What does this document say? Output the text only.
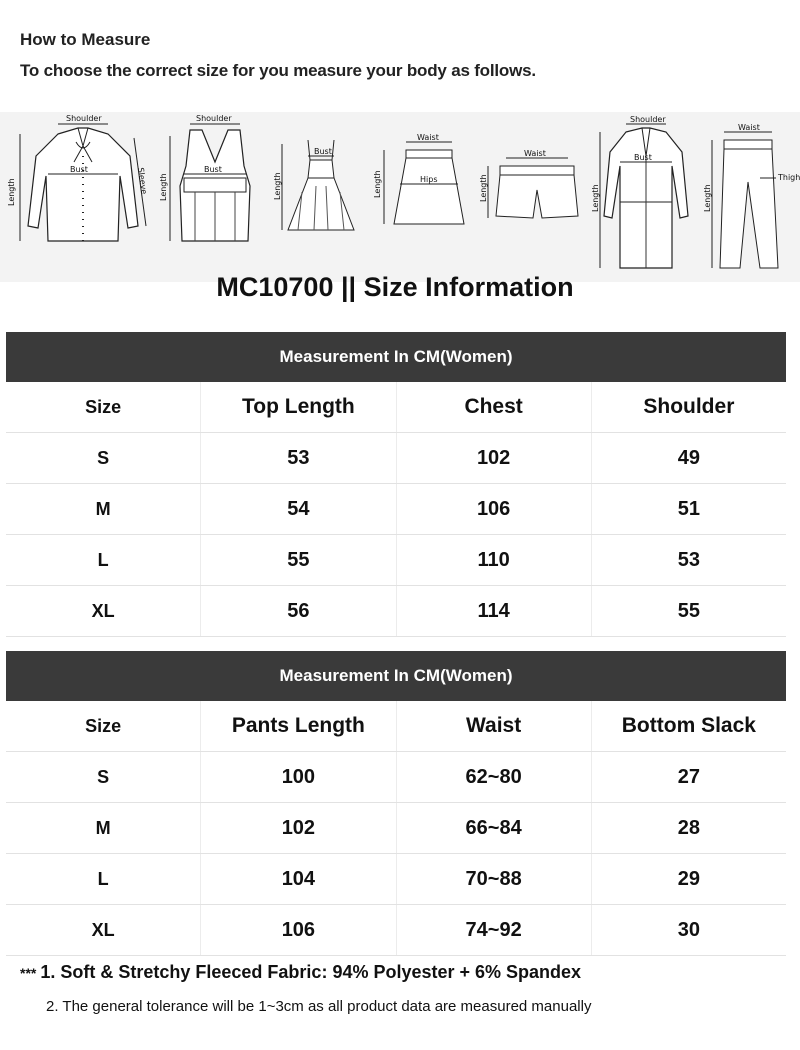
How to Measure
To choose the correct size for you measure your body as follows.
Shoulder
Bust
Length	Sleeve
Shoulder
Bust
Length
Bust
Length
Waist
Hips
Length
Waist
Length
Shoulder
Bust
Length
Waist
Thigh
Length
MC10700 || Size Information
Measurement In CM(Women)
Size	Top Length	Chest	Shoulder
S	53	102	49
M	54	106	51
L	55	110	53
XL	56	114	55
Measurement In CM(Women)
Size	Pants Length	Waist	Bottom Slack
S	100	62~80	27
M	102	66~84	28
L	104	70~88	29
XL	106	74~92	30
*** 1. Soft & Stretchy Fleeced Fabric: 94% Polyester + 6% Spandex
2. The general tolerance will be 1~3cm as all product data are measured manually
